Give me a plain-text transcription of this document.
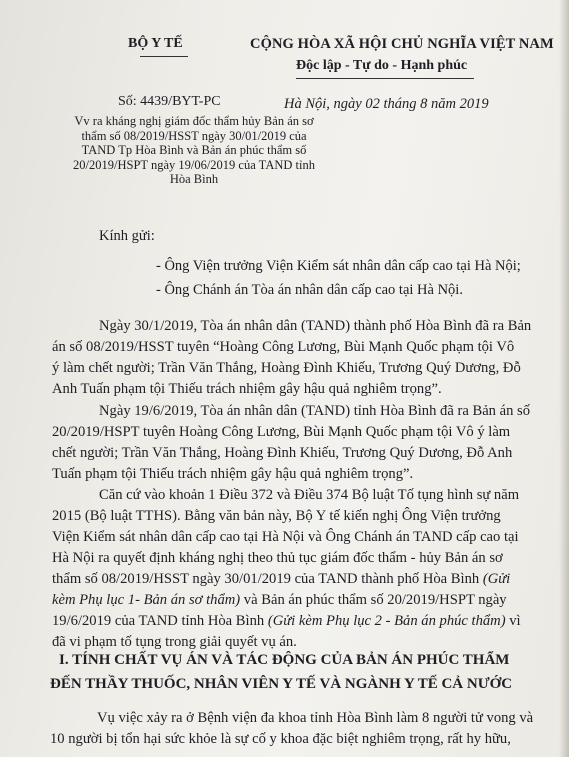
BỘ Y TẾ	CỘNG HÒA XÃ HỘI CHỦ NGHĨA VIỆT NAM
Độc lập - Tự do - Hạnh phúc
Số: 4439/BYT-PC	Hà Nội, ngày 02 tháng 8 năm 2019
Vv ra kháng nghị giám đốc thẩm hủy Bản án sơ thẩm số 08/2019/HSST ngày 30/01/2019 của TAND Tp Hòa Bình và Bản án phúc thẩm số 20/2019/HSPT ngày 19/06/2019 của TAND tỉnh Hòa Bình
Kính gửi:
- Ông Viện trưởng Viện Kiểm sát nhân dân cấp cao tại Hà Nội;
- Ông Chánh án Tòa án nhân dân cấp cao tại Hà Nội.
Ngày 30/1/2019, Tòa án nhân dân (TAND) thành phố Hòa Bình đã ra Bản
án số 08/2019/HSST tuyên “Hoàng Công Lương, Bùi Mạnh Quốc phạm tội Vô
ý làm chết người; Trần Văn Thắng, Hoàng Đình Khiếu, Trương Quý Dương, Đỗ
Anh Tuấn phạm tội Thiếu trách nhiệm gây hậu quả nghiêm trọng”.
Ngày 19/6/2019, Tòa án nhân dân (TAND) tỉnh Hòa Bình đã ra Bản án số
20/2019/HSPT tuyên Hoàng Công Lương, Bùi Mạnh Quốc phạm tội Vô ý làm
chết người; Trần Văn Thắng, Hoàng Đình Khiếu, Trương Quý Dương, Đỗ Anh
Tuấn phạm tội Thiếu trách nhiệm gây hậu quả nghiêm trọng”.
Căn cứ vào khoản 1 Điều 372 và Điều 374 Bộ luật Tố tụng hình sự năm
2015 (Bộ luật TTHS). Bằng văn bản này, Bộ Y tế kiến nghị Ông Viện trưởng
Viện Kiểm sát nhân dân cấp cao tại Hà Nội và Ông Chánh án TAND cấp cao tại
Hà Nội ra quyết định kháng nghị theo thủ tục giám đốc thẩm - hủy Bản án sơ
thẩm số 08/2019/HSST ngày 30/01/2019 của TAND thành phố Hòa Bình (Gửi
kèm Phụ lục 1- Bản án sơ thẩm) và Bản án phúc thẩm số 20/2019/HSPT ngày
19/6/2019 của TAND tỉnh Hòa Bình (Gửi kèm Phụ lục 2 - Bản án phúc thẩm) vì
đã vi phạm tố tụng trong giải quyết vụ án.
I. TÍNH CHẤT VỤ ÁN VÀ TÁC ĐỘNG CỦA BẢN ÁN PHÚC THẨM
ĐẾN THẦY THUỐC, NHÂN VIÊN Y TẾ VÀ NGÀNH Y TẾ CẢ NƯỚC
Vụ việc xảy ra ở Bệnh viện đa khoa tỉnh Hòa Bình làm 8 người tử vong và
10 người bị tổn hại sức khỏe là sự cố y khoa đặc biệt nghiêm trọng, rất hy hữu,
